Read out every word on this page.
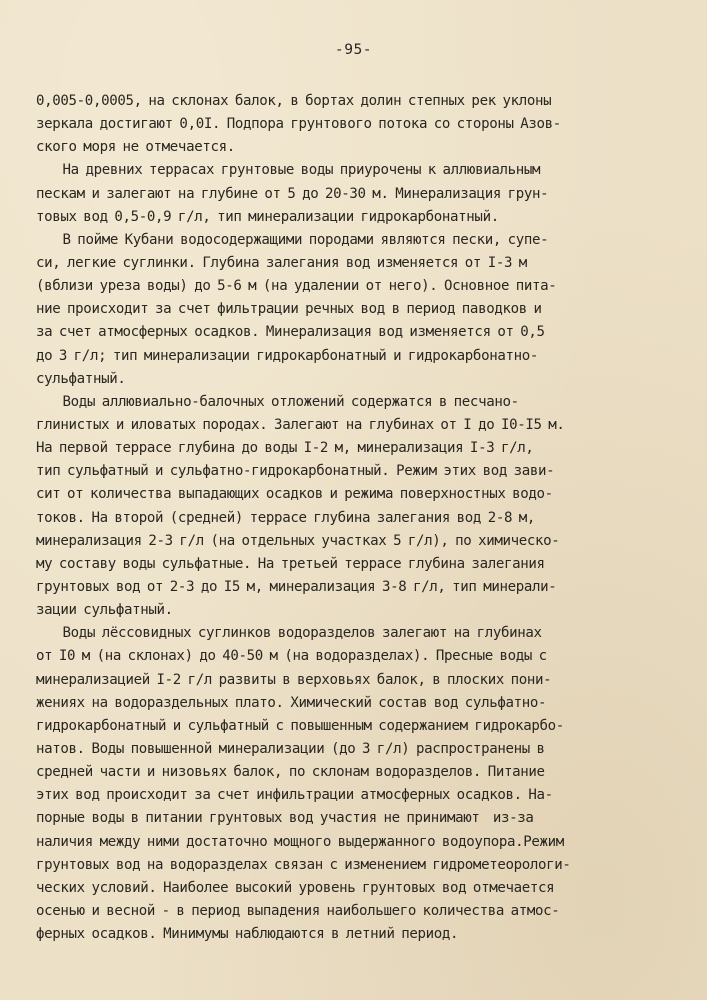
-95-
0,005-0,0005, на склонах балок, в бортах долин степных рек уклоны
зеркала достигают 0,0I. Подпора грунтового потока со стороны Азов-
ского моря не отмечается.
На древних террасах грунтовые воды приурочены к аллювиальным
пескам и залегают на глубине от 5 до 20-30 м. Минерализация грун-
товых вод 0,5-0,9 г/л, тип минерализации гидрокарбонатный.
В пойме Кубани водосодержащими породами являются пески, супе-
си, легкие суглинки. Глубина залегания вод изменяется от I-3 м
(вблизи уреза воды) до 5-6 м (на удалении от него). Основное пита-
ние происходит за счет фильтрации речных вод в период паводков и
за счет атмосферных осадков. Минерализация вод изменяется от 0,5
до 3 г/л; тип минерализации гидрокарбонатный и гидрокарбонатно-
сульфатный.
Воды аллювиально-балочных отложений содержатся в песчано-
глинистых и иловатых породах. Залегают на глубинах от I до I0-I5 м.
На первой террасе глубина до воды I-2 м, минерализация I-3 г/л,
тип сульфатный и сульфатно-гидрокарбонатный. Режим этих вод зави-
сит от количества выпадающих осадков и режима поверхностных водо-
токов. На второй (средней) террасе глубина залегания вод 2-8 м,
минерализация 2-3 г/л (на отдельных участках 5 г/л), по химическо-
му составу воды сульфатные. На третьей террасе глубина залегания
грунтовых вод от 2-3 до I5 м, минерализация 3-8 г/л, тип минерали-
зации сульфатный.
Воды лёссовидных суглинков водоразделов залегают на глубинах
от I0 м (на склонах) до 40-50 м (на водоразделах). Пресные воды с
минерализацией I-2 г/л развиты в верховьях балок, в плоских пони-
жениях на водораздельных плато. Химический состав вод сульфатно-
гидрокарбонатный и сульфатный с повышенным содержанием гидрокарбо-
натов. Воды повышенной минерализации (до 3 г/л) распространены в
средней части и низовьях балок, по склонам водоразделов. Питание
этих вод происходит за счет инфильтрации атмосферных осадков. На-
порные воды в питании грунтовых вод участия не принимают  из-за
наличия между ними достаточно мощного выдержанного водоупора.Режим
грунтовых вод на водоразделах связан с изменением гидрометеорологи-
ческих условий. Наиболее высокий уровень грунтовых вод отмечается
осенью и весной - в период выпадения наибольшего количества атмос-
ферных осадков. Минимумы наблюдаются в летний период.
